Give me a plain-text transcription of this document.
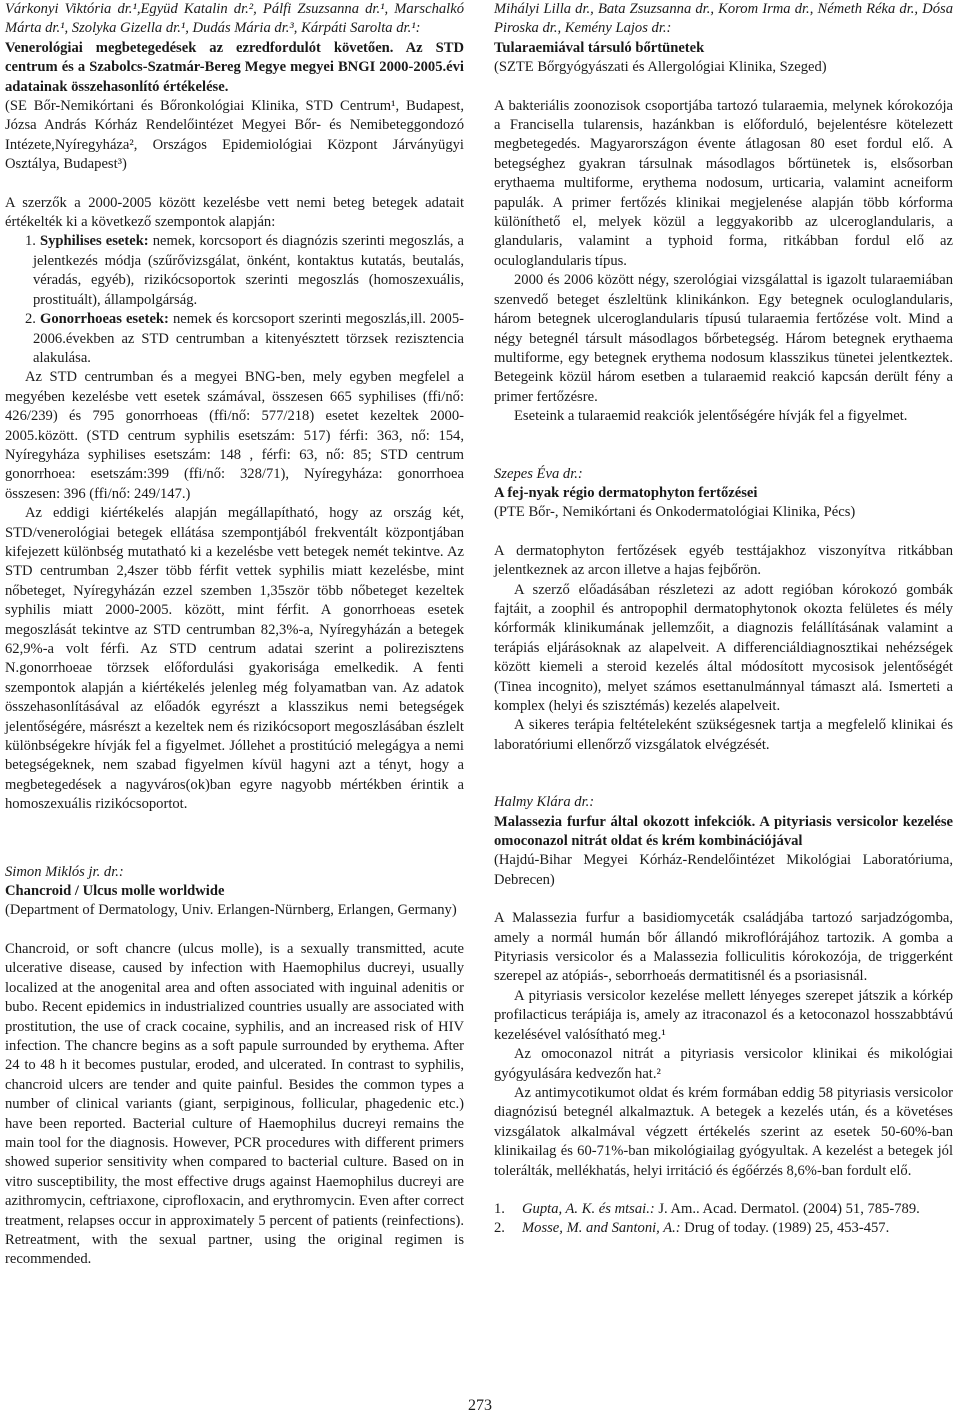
Várkonyi Viktória dr.¹,Együd Katalin dr.², Pálfi Zsuzsanna dr.¹, Marschalkó Márta dr.¹, Szolyka Gizella dr.¹, Dudás Mária dr.³, Kárpáti Sarolta dr.¹:

Venerológiai megbetegedések az ezredfordulót követően. Az STD centrum és a Szabolcs-Szatmár-Bereg Megye megyei BNGI 2000-2005.évi adatainak összehasonlító értékelése.

(SE Bőr-Nemikórtani és Bőronkológiai Klinika, STD Centrum¹, Budapest, Józsa András Kórház Rendelőintézet Megyei Bőr- és Nemibeteggondozó Intézete,Nyíregyháza², Országos Epidemiológiai Központ Járványügyi Osztálya, Budapest³)

A szerzők a 2000-2005 között kezelésbe vett nemi beteg betegek adatait értékelték ki a következő szempontok alapján:

1. Syphilises esetek: nemek, korcsoport és diagnózis szerinti megoszlás, a jelentkezés módja (szűrővizsgálat, önként, kontaktus kutatás, beutalás, véradás, egyéb), rizikócsoportok szerinti megoszlás (homoszexuális, prostituált), állampolgárság.

2. Gonorrhoeas esetek: nemek és korcsoport szerinti megoszlás,ill. 2005-2006.években az STD centrumban a kitenyésztett törzsek rezisztencia alakulása.

Az STD centrumban és a megyei BNG-ben, mely egyben megfelel a megyében kezelésbe vett esetek számával, összesen 665 syphilises (ffi/nő: 426/239) és 795 gonorrhoeas (ffi/nő: 577/218) esetet kezeltek 2000-2005.között. (STD centrum syphilis esetszám: 517) férfi: 363, nő: 154, Nyíregyháza syphilises esetszám: 148 , férfi: 63, nő: 85; STD centrum gonorrhoea: esetszám:399 (ffi/nő: 328/71), Nyíregyháza: gonorrhoea összesen: 396 (ffi/nő: 249/147.)

Az eddigi kiértékelés alapján megállapítható, hogy az ország két, STD/venerológiai betegek ellátása szempontjából frekventált központjában kifejezett különbség mutatható ki a kezelésbe vett betegek nemét tekintve. Az STD centrumban 2,4szer több férfit vettek syphilis miatt kezelésbe, mint nőbeteget, Nyíregyházán ezzel szemben 1,35ször több nőbeteget kezeltek syphilis miatt 2000-2005. között, mint férfit. A gonorrhoeas esetek megoszlását tekintve az STD centrumban 82,3%-a, Nyíregyházán a betegek 62,9%-a volt férfi. Az STD centrum adatai szerint a polirezisztens N.gonorrhoeae törzsek előfordulási gyakorisága emelkedik. A fenti szempontok alapján a kiértékelés jelenleg még folyamatban van. Az adatok összehasonlításával az előadók egyrészt a klasszikus nemi betegségek jelentőségére, másrészt a kezeltek nem és rizikócsoport megoszlásában észlelt különbségekre hívják fel a figyelmet. Jóllehet a prostitúció melegágya a nemi betegségeknek, nem szabad figyelmen kívül hagyni azt a tényt, hogy a megbetegedések a nagyváros(ok)ban egyre nagyobb mértékben érintik a homoszexuális rizikócsoportot.

Simon Miklós jr. dr.:

Chancroid / Ulcus molle worldwide

(Department of Dermatology, Univ. Erlangen-Nürnberg, Erlangen, Germany)

Chancroid, or soft chancre (ulcus molle), is a sexually transmitted, acute ulcerative disease, caused by infection with Haemophilus ducreyi, usually localized at the anogenital area and often associated with inguinal adenitis or bubo. Recent epidemics in industrialized countries usually are associated with prostitution, the use of crack cocaine, syphilis, and an increased risk of HIV infection. The chancre begins as a soft papule surrounded by erythema. After 24 to 48 h it becomes pustular, eroded, and ulcerated. In contrast to syphilis, chancroid ulcers are tender and quite painful. Besides the common types a number of clinical variants (giant, serpiginous, follicular, phagedenic etc.) have been reported. Bacterial culture of Haemophilus ducreyi remains the main tool for the diagnosis. However, PCR procedures with different primers showed superior sensitivity when compared to bacterial culture. Based on in vitro susceptibility, the most effective drugs against Haemophilus ducreyi are azithromycin, ceftriaxone, ciprofloxacin, and erythromycin. Even after correct treatment, relapses occur in approximately 5 percent of patients (reinfections). Retreatment, with the sexual partner, using the original regimen is recommended.

Mihályi Lilla dr., Bata Zsuzsanna dr., Korom Irma dr., Németh Réka dr., Dósa Piroska dr., Kemény Lajos dr.:

Tularaemiával társuló bőrtünetek

(SZTE Bőrgyógyászati és Allergológiai Klinika, Szeged)

A bakteriális zoonozisok csoportjába tartozó tularaemia, melynek kórokozója a Francisella tularensis, hazánkban is előforduló, bejelentésre kötelezett megbetegedés. Magyarországon évente átlagosan 80 eset fordul elő. A betegséghez gyakran társulnak másodlagos bőrtünetek is, elsősorban erythaema multiforme, erythema nodosum, urticaria, valamint acneiform papulák. A primer fertőzés klinikai megjelenése alapján több kórforma különíthető el, melyek közül a leggyakoribb az ulceroglandularis, a glandularis, valamint a typhoid forma, ritkábban fordul elő az oculoglandularis típus.

2000 és 2006 között négy, szerológiai vizsgálattal is igazolt tularaemiában szenvedő beteget észleltünk klinikánkon. Egy betegnek oculoglandularis, három betegnek ulceroglandularis típusú tularaemia fertőzése volt. Mind a négy betegnél társult másodlagos bőrbetegség. Három betegnek erythaema multiforme, egy betegnek erythema nodosum klasszikus tünetei jelentkeztek. Betegeink közül három esetben a tularaemid reakció kapcsán derült fény a primer fertőzésre.

Eseteink a tularaemid reakciók jelentőségére hívják fel a figyelmet.

Szepes Éva dr.:

A fej-nyak régio dermatophyton fertőzései

(PTE Bőr-, Nemikórtani és Onkodermatológiai Klinika, Pécs)

A dermatophyton fertőzések egyéb testtájakhoz viszonyítva ritkábban jelentkeznek az arcon illetve a hajas fejbőrön.

A szerző előadásában részletezi az adott regióban kórokozó gombák fajtáit, a zoophil és antropophil dermatophytonok okozta felületes és mély kórformák klinikumának jellemzőit, a diagnozis felállításának valamint a terápiás eljárásoknak az alapelveit. A differenciáldiagnosztikai nehézségek között kiemeli a steroid kezelés által módosított mycosisok jelentőségét (Tinea incognito), melyet számos esettanulmánnyal támaszt alá. Ismerteti a komplex (helyi és szisztémás) kezelés alapelveit.

A sikeres terápia feltételeként szükségesnek tartja a megfelelő klinikai és laboratóriumi ellenőrző vizsgálatok elvégzését.

Halmy Klára dr.:

Malassezia furfur által okozott infekciók. A pityriasis versicolor kezelése omoconazol nitrát oldat és krém kombinációjával

(Hajdú-Bihar Megyei Kórház-Rendelőintézet Mikológiai Laboratóriuma, Debrecen)

A Malassezia furfur a basidiomyceták családjába tartozó sarjadzógomba, amely a normál humán bőr állandó mikroflórájához tartozik. A gomba a Pityriasis versicolor és a Malassezia folliculitis kórokozója, de triggerként szerepel az atópiás-, seborrhoeás dermatitisnél és a psoriasisnál.

A pityriasis versicolor kezelése mellett lényeges szerepet játszik a kórkép profilacticus terápiája is, amely az itraconazol és a ketoconazol hosszabbtávú kezelésével valósítható meg.¹

Az omoconazol nitrát a pityriasis versicolor klinikai és mikológiai gyógyulására kedvezőn hat.²

Az antimycotikumot oldat és krém formában eddig 58 pityriasis versicolor diagnózisú betegnél alkalmaztuk. A betegek a kezelés után, és a követéses vizsgálatok alkalmával végzett értékelés szerint az esetek 50-60%-ban klinikailag és 60-71%-ban mikológiailag gyógyultak. A kezelést a betegek jól tolerálták, mellékhatás, helyi irritáció és égőérzés 8,6%-ban fordult elő.

1.	Gupta, A. K. és mtsai.: J. Am.. Acad. Dermatol. (2004) 51, 785-789.
2.	Mosse, M. and Santoni, A.: Drug of today. (1989) 25, 453-457.
273
